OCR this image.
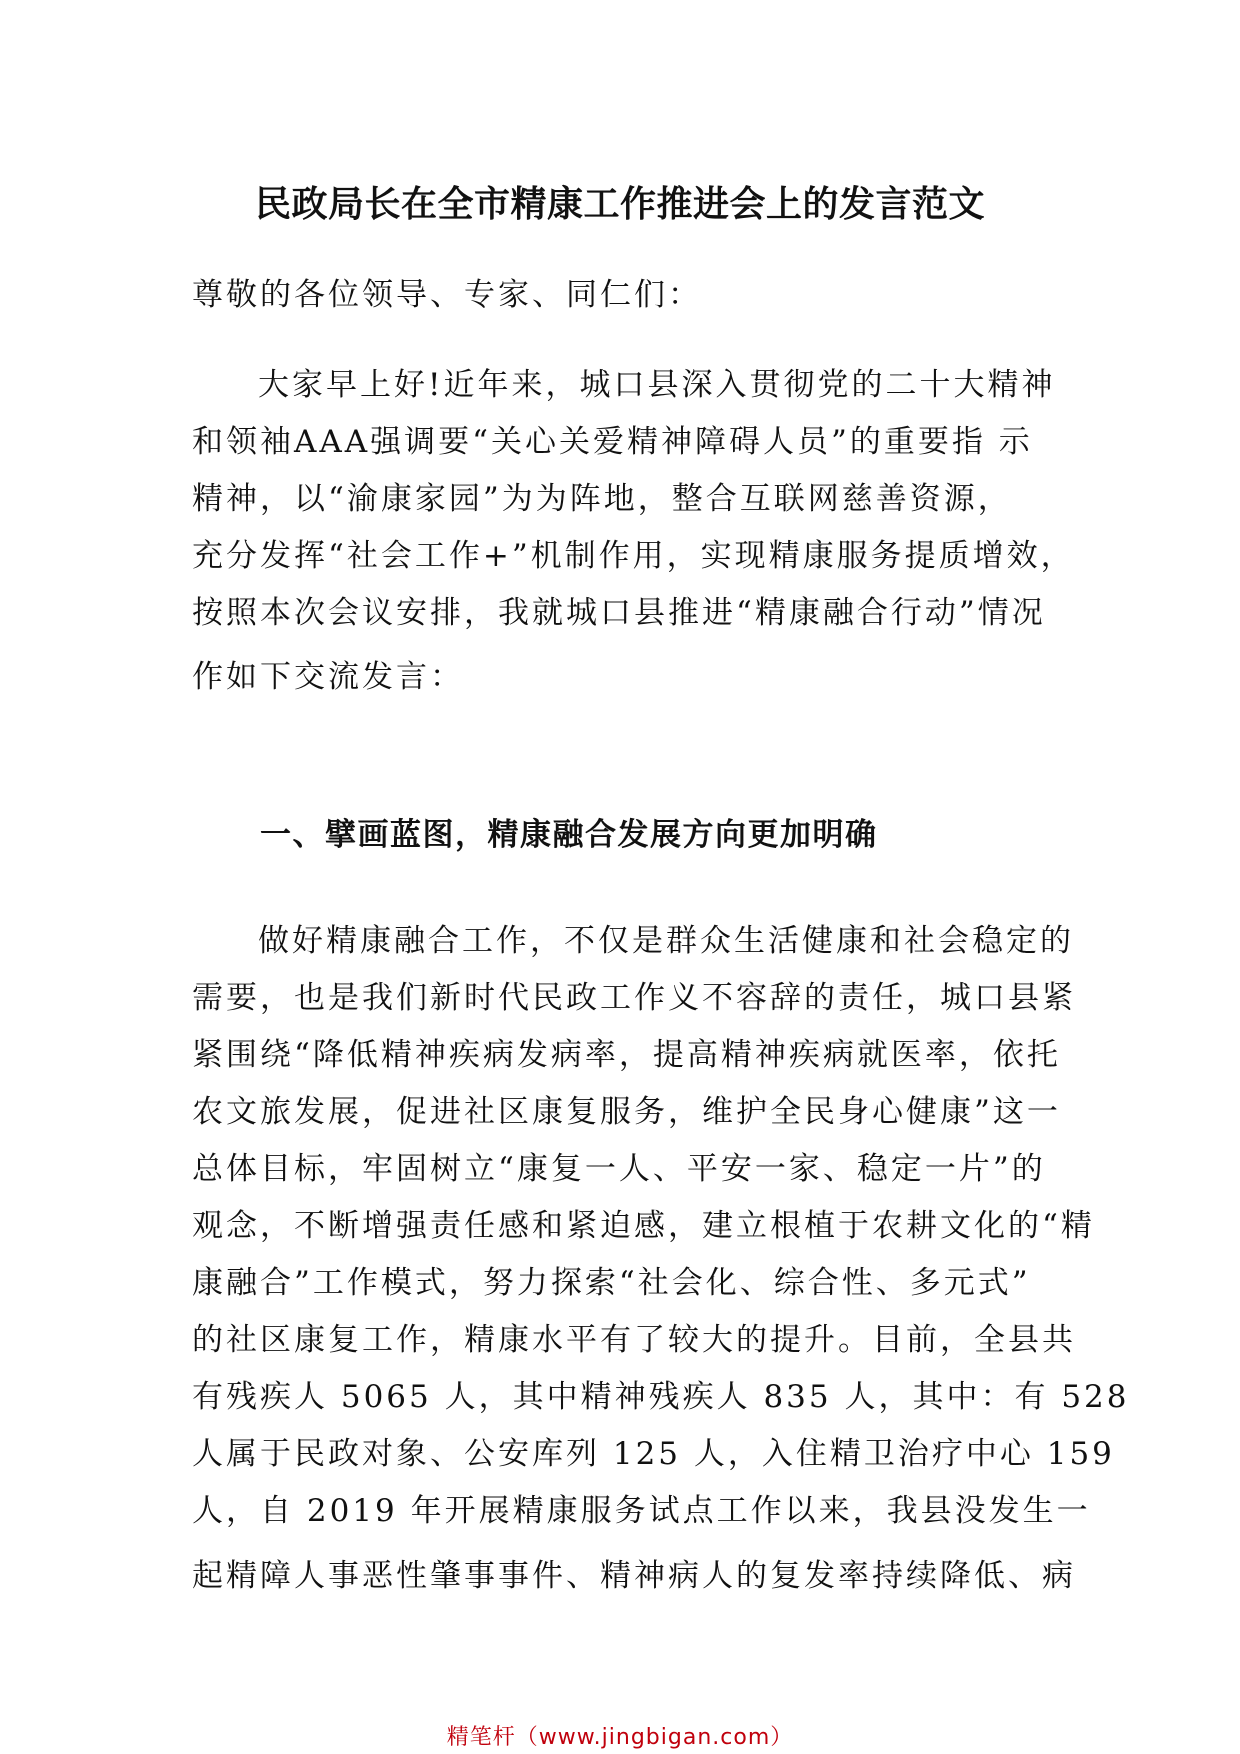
民政局长在全市精康工作推进会上的发言范文

尊敬的各位领导、专家、同仁们：

大家早上好!近年来，城口县深入贯彻党的二十大精神

和领袖AAA强调要“关心关爱精神障碍人员”的重要指 示

精神，以“渝康家园”为为阵地，整合互联网慈善资源，

充分发挥“社会工作+”机制作用，实现精康服务提质增效，

按照本次会议安排，我就城口县推进“精康融合行动”情况

作如下交流发言：

一、擘画蓝图，精康融合发展方向更加明确

做好精康融合工作，不仅是群众生活健康和社会稳定的

需要，也是我们新时代民政工作义不容辞的责任，城口县紧

紧围绕“降低精神疾病发病率，提高精神疾病就医率，依托

农文旅发展，促进社区康复服务，维护全民身心健康”这一

总体目标，牢固树立“康复一人、平安一家、稳定一片”的

观念，不断增强责任感和紧迫感，建立根植于农耕文化的“精

康融合”工作模式，努力探索“社会化、综合性、多元式”

的社区康复工作，精康水平有了较大的提升。目前，全县共

有残疾人 5065 人，其中精神残疾人 835 人，其中：有 528

人属于民政对象、公安库列 125 人，入住精卫治疗中心 159

人，自 2019 年开展精康服务试点工作以来，我县没发生一

起精障人事恶性肇事事件、精神病人的复发率持续降低、病

精笔杆（www.jingbigan.com）
